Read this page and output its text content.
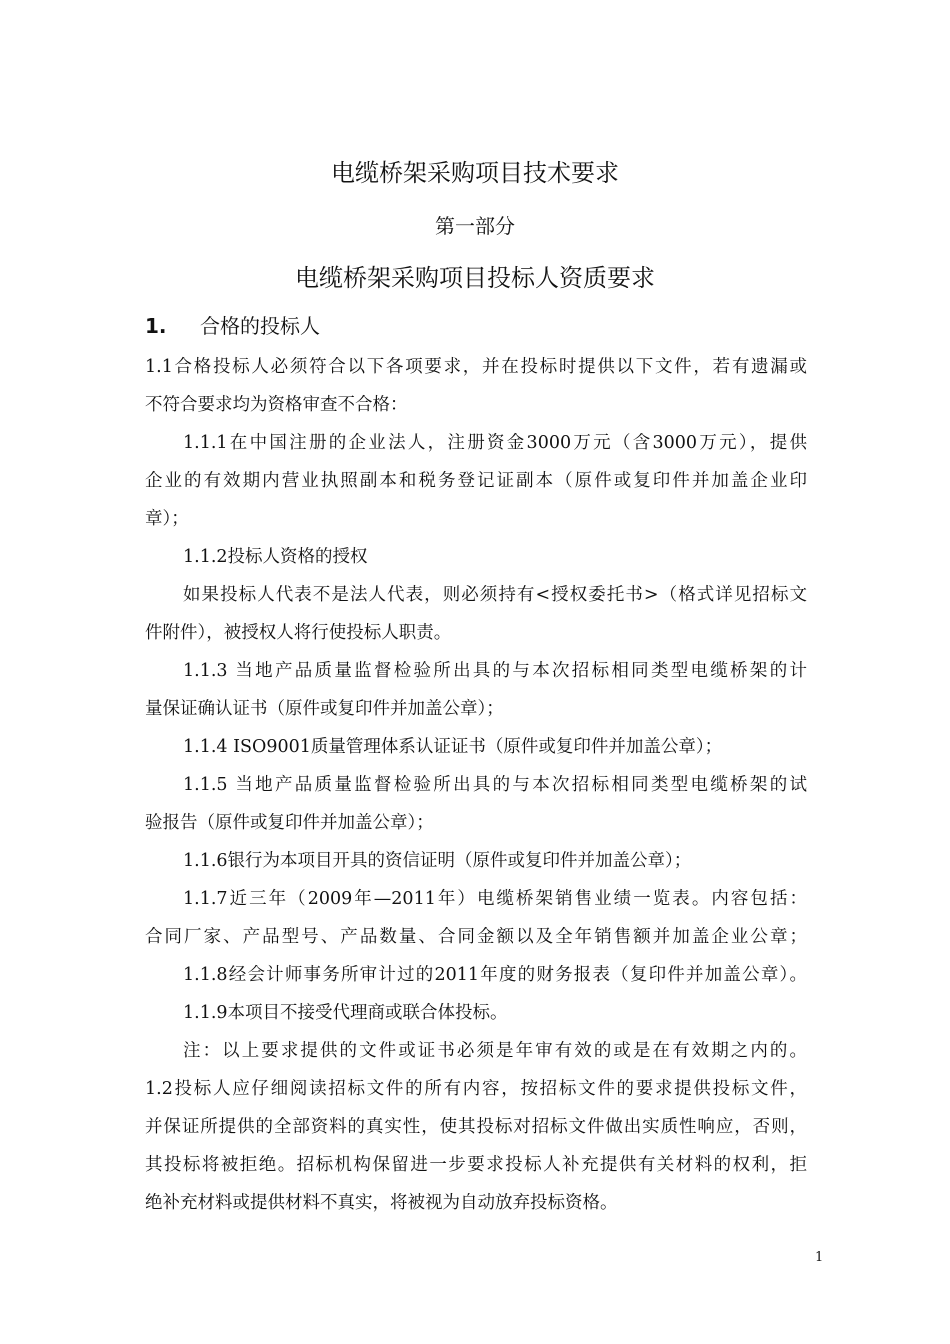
电缆桥架采购项目技术要求
第一部分
电缆桥架采购项目投标人资质要求
1. 合格的投标人
1.1合格投标人必须符合以下各项要求，并在投标时提供以下文件，若有遗漏或
不符合要求均为资格审查不合格：
1.1.1在中国注册的企业法人，注册资金3000万元（含3000万元），提供
企业的有效期内营业执照副本和税务登记证副本（原件或复印件并加盖企业印
章）；
1.1.2投标人资格的授权
如果投标人代表不是法人代表，则必须持有<授权委托书>（格式详见招标文
件附件），被授权人将行使投标人职责。
1.1.3 当地产品质量监督检验所出具的与本次招标相同类型电缆桥架的计
量保证确认证书（原件或复印件并加盖公章）；
1.1.4 ISO9001质量管理体系认证证书（原件或复印件并加盖公章）；
1.1.5 当地产品质量监督检验所出具的与本次招标相同类型电缆桥架的试
验报告（原件或复印件并加盖公章）；
1.1.6银行为本项目开具的资信证明（原件或复印件并加盖公章）；
1.1.7近三年（2009年—2011年）电缆桥架销售业绩一览表。内容包括：
合同厂家、产品型号、产品数量、合同金额以及全年销售额并加盖企业公章；
1.1.8经会计师事务所审计过的2011年度的财务报表（复印件并加盖公章）。
1.1.9本项目不接受代理商或联合体投标。
注：以上要求提供的文件或证书必须是年审有效的或是在有效期之内的。
1.2投标人应仔细阅读招标文件的所有内容，按招标文件的要求提供投标文件，
并保证所提供的全部资料的真实性，使其投标对招标文件做出实质性响应，否则，
其投标将被拒绝。招标机构保留进一步要求投标人补充提供有关材料的权利，拒
绝补充材料或提供材料不真实，将被视为自动放弃投标资格。
1
